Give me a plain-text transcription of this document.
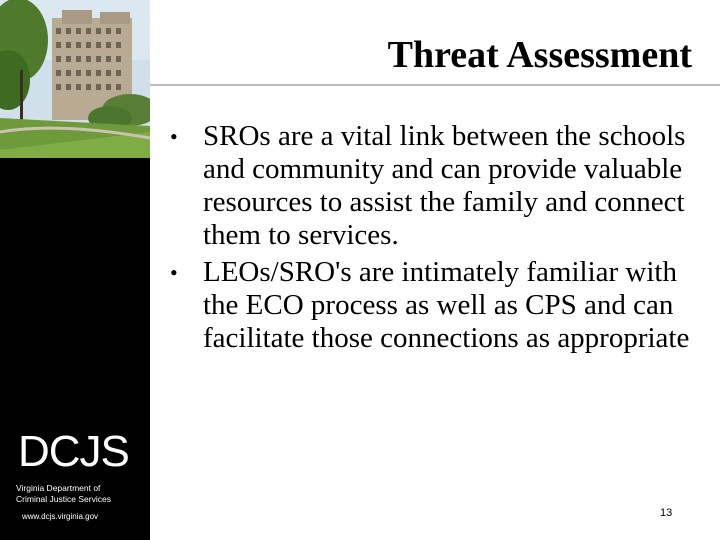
DCJS
Virginia Department of
Criminal Justice Services
www.dcjs.virginia.gov
Threat Assessment
• SROs are a vital link between the schools and community and can provide valuable resources to assist the family and connect them to services.
• LEOs/SRO's are intimately familiar with the ECO process as well as CPS and can facilitate those connections as appropriate
13
